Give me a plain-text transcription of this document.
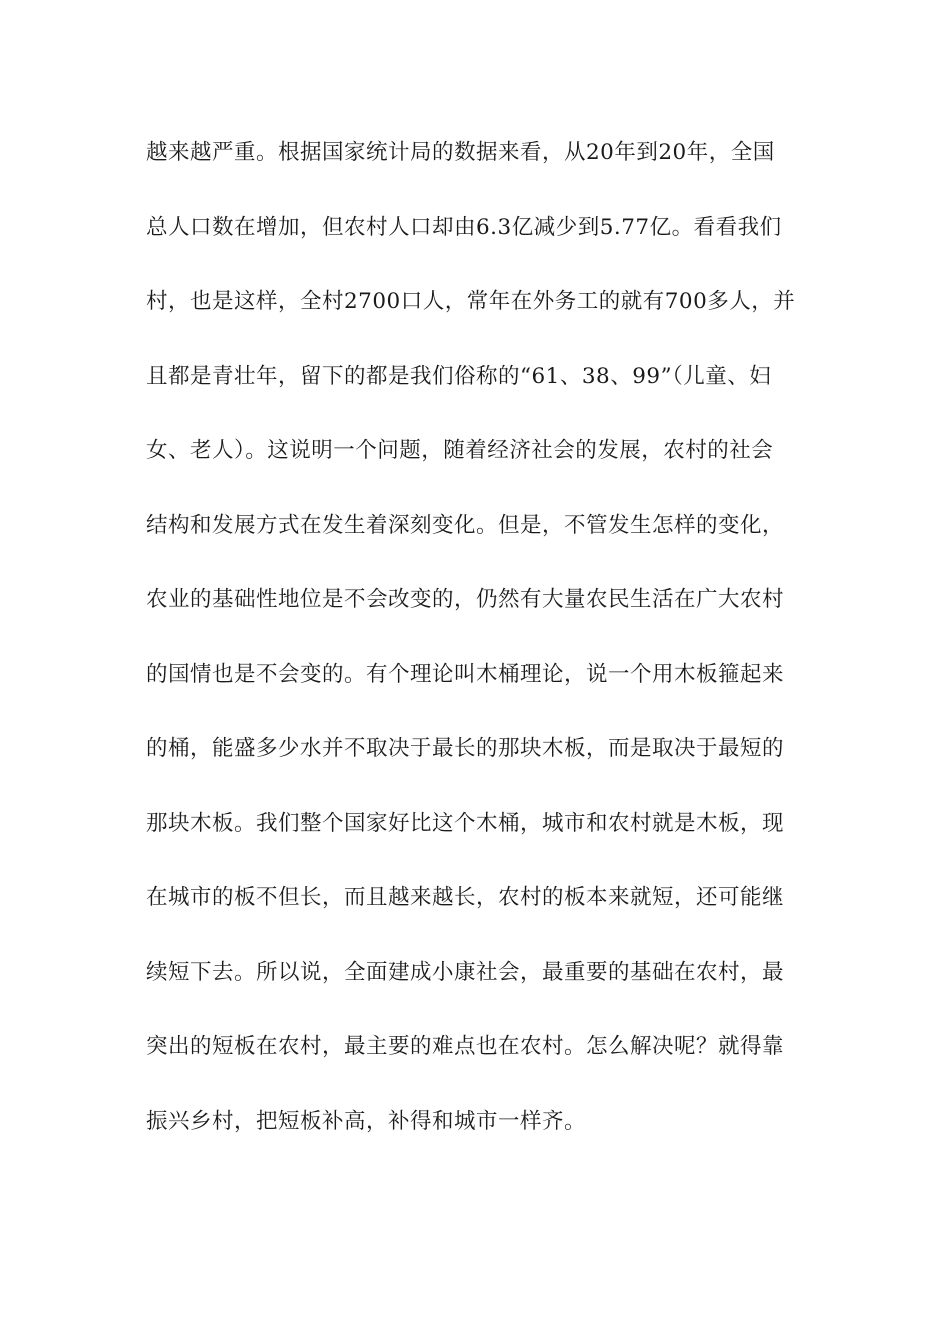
越来越严重。根据国家统计局的数据来看，从20年到20年，全国
总人口数在增加，但农村人口却由6.3亿减少到5.77亿。看看我们
村，也是这样，全村2700口人，常年在外务工的就有700多人，并
且都是青壮年，留下的都是我们俗称的“61、38、99”（儿童、妇
女、老人）。这说明一个问题，随着经济社会的发展，农村的社会
结构和发展方式在发生着深刻变化。但是，不管发生怎样的变化，
农业的基础性地位是不会改变的，仍然有大量农民生活在广大农村
的国情也是不会变的。有个理论叫木桶理论，说一个用木板箍起来
的桶，能盛多少水并不取决于最长的那块木板，而是取决于最短的
那块木板。我们整个国家好比这个木桶，城市和农村就是木板，现
在城市的板不但长，而且越来越长，农村的板本来就短，还可能继
续短下去。所以说，全面建成小康社会，最重要的基础在农村，最
突出的短板在农村，最主要的难点也在农村。怎么解决呢？就得靠
振兴乡村，把短板补高，补得和城市一样齐。
